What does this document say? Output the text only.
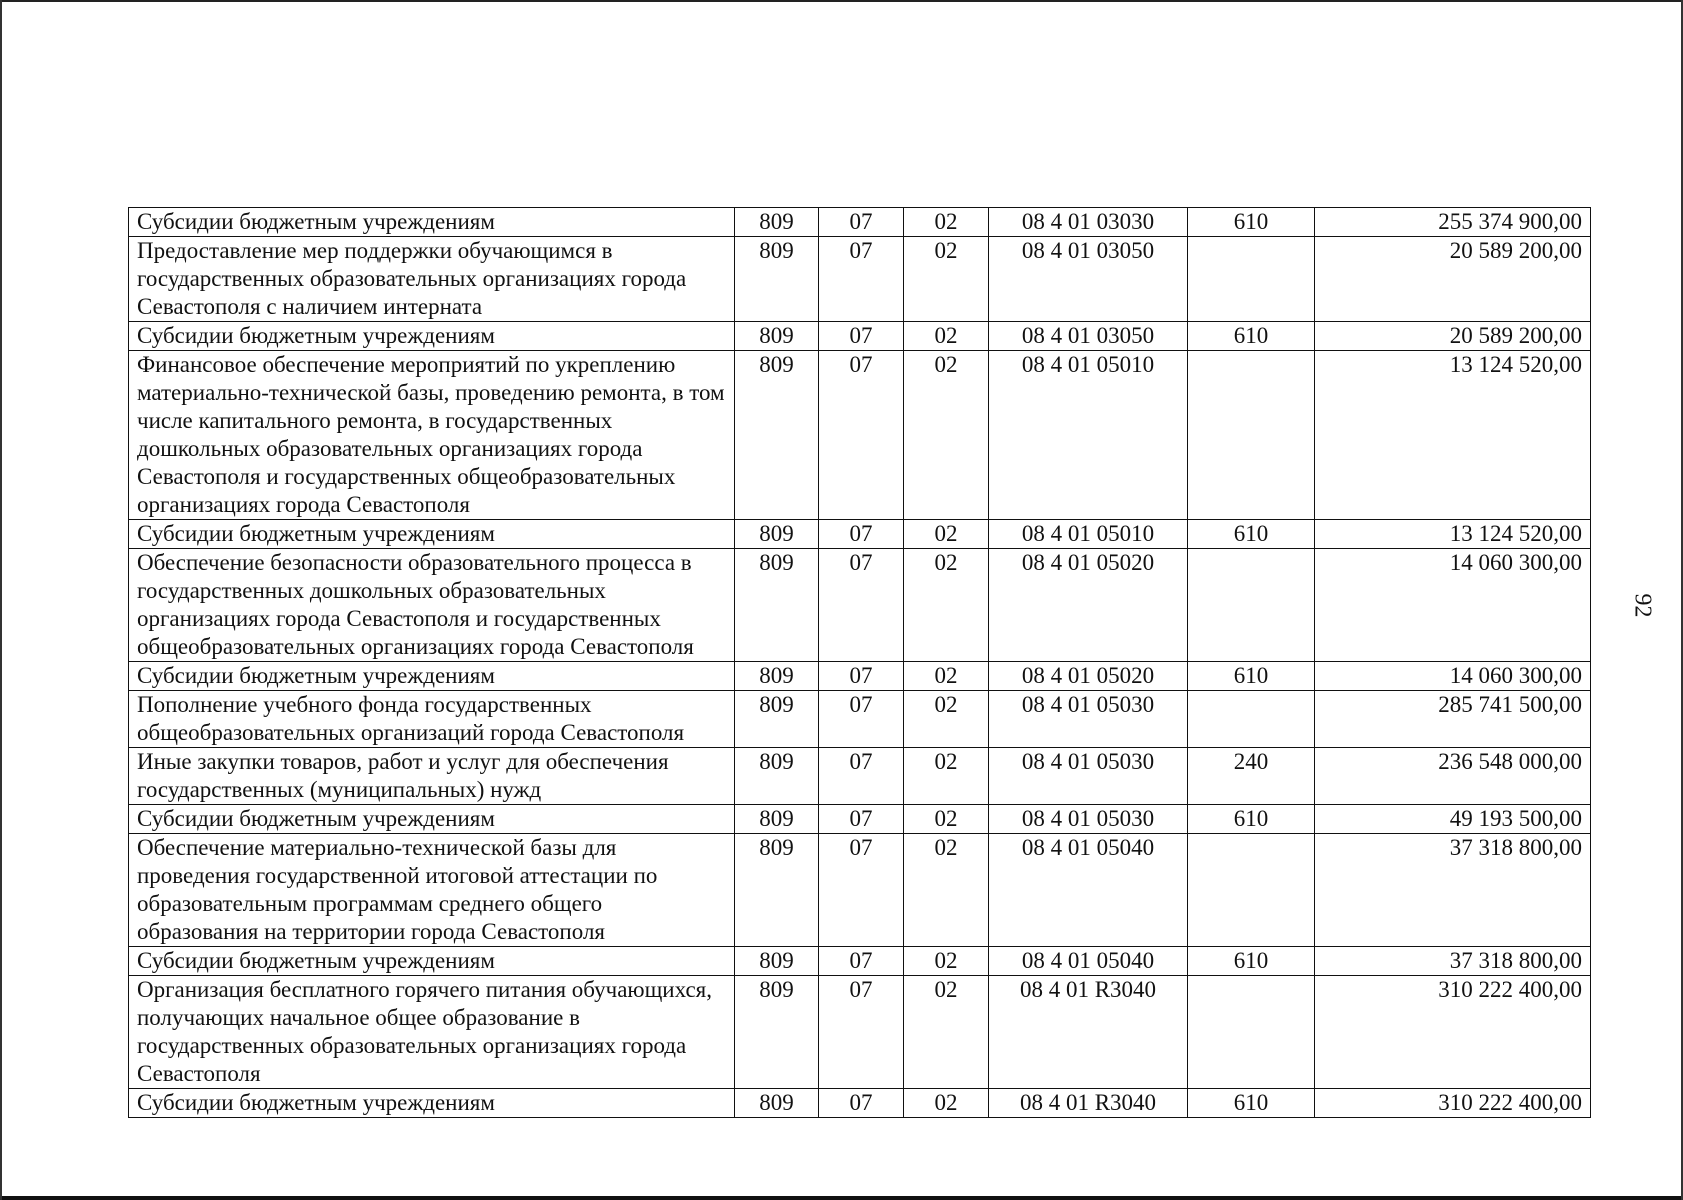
Субсидии бюджетным учреждениям	809	07	02	08 4 01 03030	610	255 374 900,00
Предоставление мер поддержки обучающимся в государственных образовательных организациях города Севастополя с наличием интерната	809	07	02	08 4 01 03050		20 589 200,00
Субсидии бюджетным учреждениям	809	07	02	08 4 01 03050	610	20 589 200,00
Финансовое обеспечение мероприятий по укреплению материально-технической базы, проведению ремонта, в том числе капитального ремонта, в государственных дошкольных образовательных организациях города Севастополя и государственных общеобразовательных организациях города Севастополя	809	07	02	08 4 01 05010		13 124 520,00
Субсидии бюджетным учреждениям	809	07	02	08 4 01 05010	610	13 124 520,00
Обеспечение безопасности образовательного процесса в государственных дошкольных образовательных организациях города Севастополя и государственных общеобразовательных организациях города Севастополя	809	07	02	08 4 01 05020		14 060 300,00
Субсидии бюджетным учреждениям	809	07	02	08 4 01 05020	610	14 060 300,00
Пополнение учебного фонда государственных общеобразовательных организаций города Севастополя	809	07	02	08 4 01 05030		285 741 500,00
Иные закупки товаров, работ и услуг для обеспечения государственных (муниципальных) нужд	809	07	02	08 4 01 05030	240	236 548 000,00
Субсидии бюджетным учреждениям	809	07	02	08 4 01 05030	610	49 193 500,00
Обеспечение материально-технической базы для проведения государственной итоговой аттестации по образовательным программам среднего общего образования на территории города Севастополя	809	07	02	08 4 01 05040		37 318 800,00
Субсидии бюджетным учреждениям	809	07	02	08 4 01 05040	610	37 318 800,00
Организация бесплатного горячего питания обучающихся, получающих начальное общее образование в государственных образовательных организациях города Севастополя	809	07	02	08 4 01 R3040		310 222 400,00
Субсидии бюджетным учреждениям	809	07	02	08 4 01 R3040	610	310 222 400,00
92
